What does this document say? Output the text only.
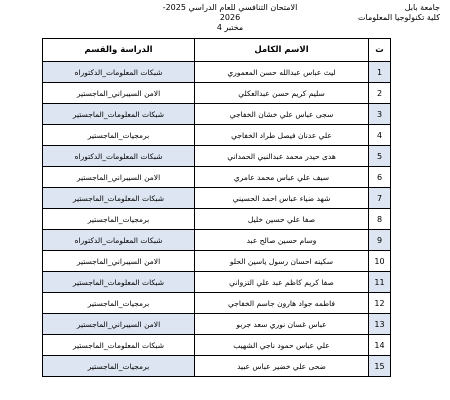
جامعة بابل
كلية تكنولوجيا المعلومات
الامتحان التنافسي للعام الدراسي 2025-2026
مختبر 4
الدراسة والقسم	الاسم الكامل	ت
شبكات المعلومات_الدكتوراه	ليث عباس عبدالله حسن المعموري	1
الامن السيبراني_الماجستير	سليم كريم حسن عبدالعكلي	2
شبكات المعلومات_الماجستير	سجى عباس علي خشان الخفاجي	3
برمجيات_الماجستير	علي عدنان فيصل طراد الخفاجي	4
شبكات المعلومات_الدكتوراه	هدى حيدر محمد عبدالنبي الحمداني	5
الامن السيبراني_الماجستير	سيف علي عباس محمد عامري	6
شبكات المعلومات_الماجستير	شهد ضياء عباس احمد الحسيني	7
برمجيات_الماجستير	صفا علي حسين خليل	8
شبكات المعلومات_الدكتوراه	وسام حسين صالح عبد	9
الامن السيبراني_الماجستير	سكينه احسان رسول ياسين الحلو	10
شبكات المعلومات_الماجستير	صفا كريم كاظم عبد علي التزواني	11
برمجيات_الماجستير	فاطمه جواد هارون جاسم الخفاجي	12
الامن السيبراني_الماجستير	عباس غسان نوري سعد جربو	13
شبكات المعلومات_الماجستير	علي عباس حمود ناجي الشهيب	14
برمجيات_الماجستير	ضحى علي خضير عباس عبيد	15
